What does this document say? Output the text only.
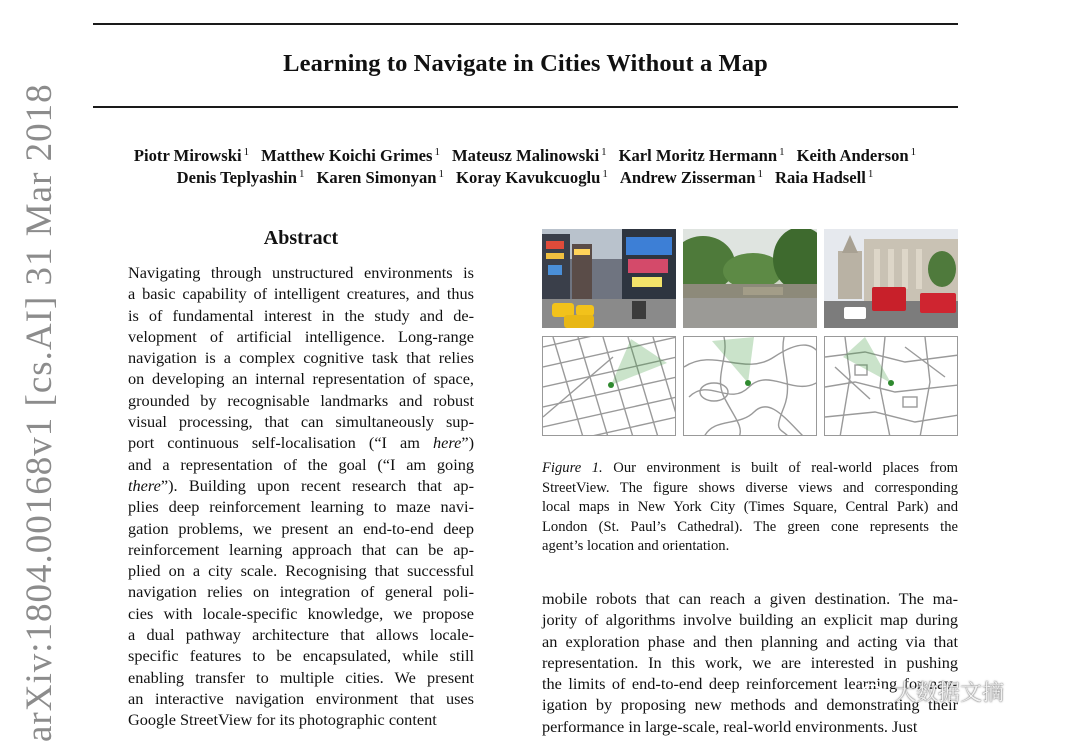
Learning to Navigate in Cities Without a Map
Piotr Mirowski $^1$ Matthew Koichi Grimes $^1$ Mateusz Malinowski $^1$ Karl Moritz Hermann $^1$ Keith Anderson $^1$
Denis Teplyashin $^1$ Karen Simonyan $^1$ Koray Kavukcuoglu $^1$ Andrew Zisserman $^1$ Raia Hadsell $^1$
arXiv:1804.00168v1 [cs.AI] 31 Mar 2018	Abstract
Navigating through unstructured environments is
a basic capability of intelligent creatures, and thus
is of fundamental interest in the study and de-
velopment of artificial intelligence. Long-range
navigation is a complex cognitive task that relies
on developing an internal representation of space,
grounded by recognisable landmarks and robust
visual processing, that can simultaneously sup-
port continuous self-localisation (“I am here”)
and a representation of the goal (“I am going
there”). Building upon recent research that ap-
plies deep reinforcement learning to maze navi-
gation problems, we present an end-to-end deep
reinforcement learning approach that can be ap-
plied on a city scale. Recognising that successful
navigation relies on integration of general poli-
cies with locale-specific knowledge, we propose
a dual pathway architecture that allows locale-
specific features to be encapsulated, while still
enabling transfer to multiple cities. We present
an interactive navigation environment that uses
Google StreetView for its photographic content
Figure 1. Our environment is built of real-world places from
StreetView. The figure shows diverse views and corresponding
local maps in New York City (Times Square, Central Park) and
London (St. Paul’s Cathedral). The green cone represents the
agent’s location and orientation.
mobile robots that can reach a given destination. The ma-
jority of algorithms involve building an explicit map during
an exploration phase and then planning and acting via that
representation. In this work, we are interested in pushing
the limits of end-to-end deep reinforcement learning for nav-
igation by proposing new methods and demonstrating their
performance in large-scale, real-world environments. Just
大数据文摘
